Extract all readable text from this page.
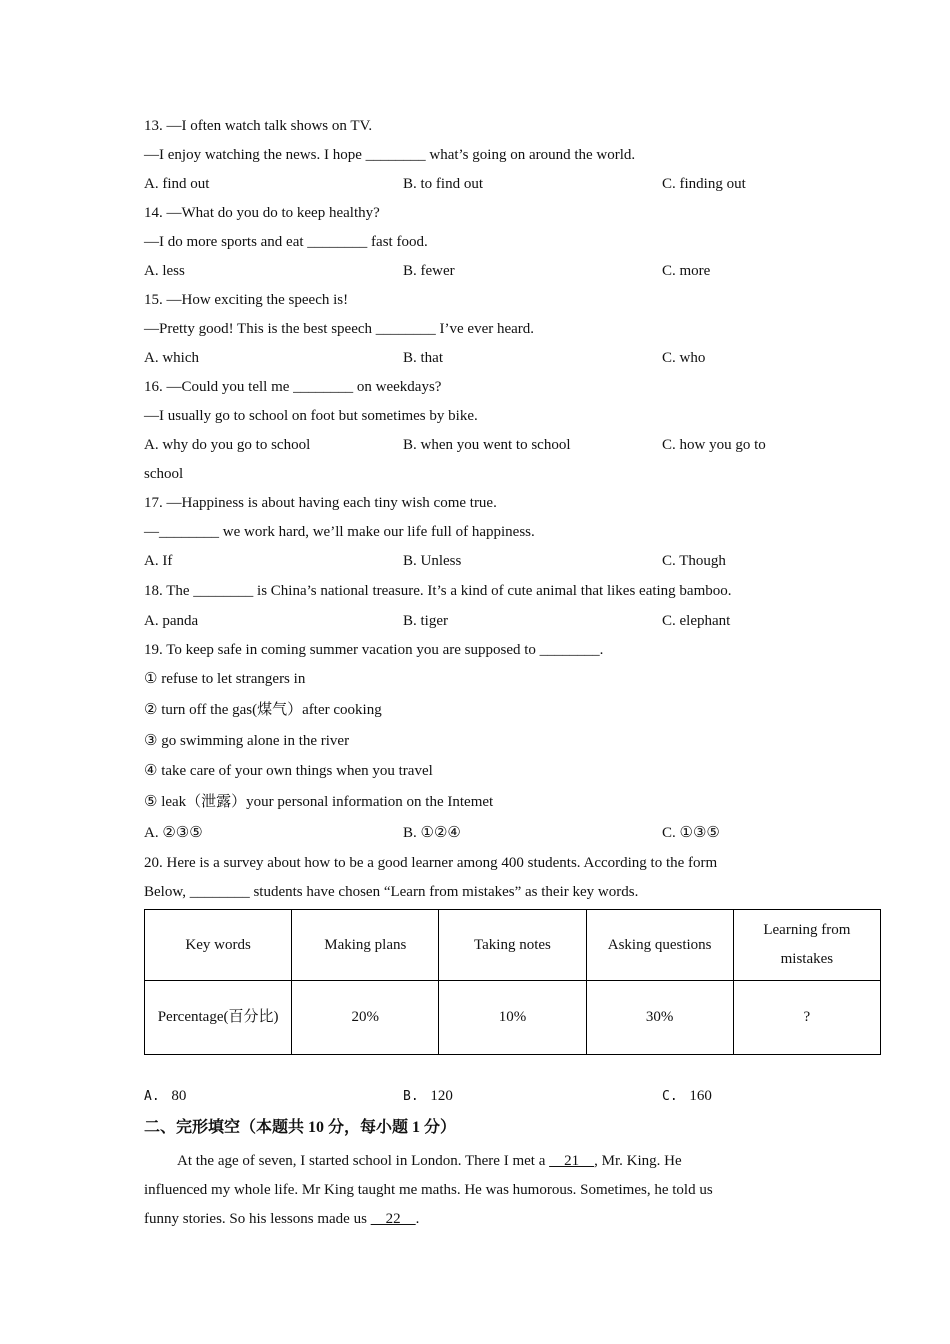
13. —I often watch talk shows on TV.
—I enjoy watching the news. I hope ________ what’s going on around the world.
A. find out	B. to find out	C. finding out
14. —What do you do to keep healthy?
—I do more sports and eat ________ fast food.
A. less	B. fewer	C. more
15. —How exciting the speech is!
—Pretty good! This is the best speech ________ I’ve ever heard.
A. which	B. that	C. who
16. —Could you tell me ________ on weekdays?
—I usually go to school on foot but sometimes by bike.
A. why do you go to school	B. when you went to school	C. how you go to
school
17. —Happiness is about having each tiny wish come true.
—________ we work hard, we’ll make our life full of happiness.
A. If	B. Unless	C. Though
18. The ________ is China’s national treasure. It’s a kind of cute animal that likes eating bamboo.
A. panda	B. tiger	C. elephant
19. To keep safe in coming summer vacation you are supposed to ________.
① refuse to let strangers in
② turn off the gas(煤气）after cooking
③ go swimming alone in the river
④ take care of your own things when you travel
⑤ leak（泄露）your personal information on the Intemet
A. ②③⑤	B. ①②④	C. ①③⑤
20. Here is a survey about how to be a good learner among 400 students. According to the form
Below, ________ students have chosen “Learn from mistakes” as their key words.
Key words	Making plans	Taking notes	Asking questions	Learning from mistakes
Percentage(百分比)	20%	10%	30%	?
A. 80	B. 120	C. 160
二、完形填空（本题共 10 分，每小题 1 分）
At the age of seven, I started school in London. There I met a     21    , Mr. King. He
influenced my whole life. Mr King taught me maths. He was humorous. Sometimes, he told us
funny stories. So his lessons made us     22    .
